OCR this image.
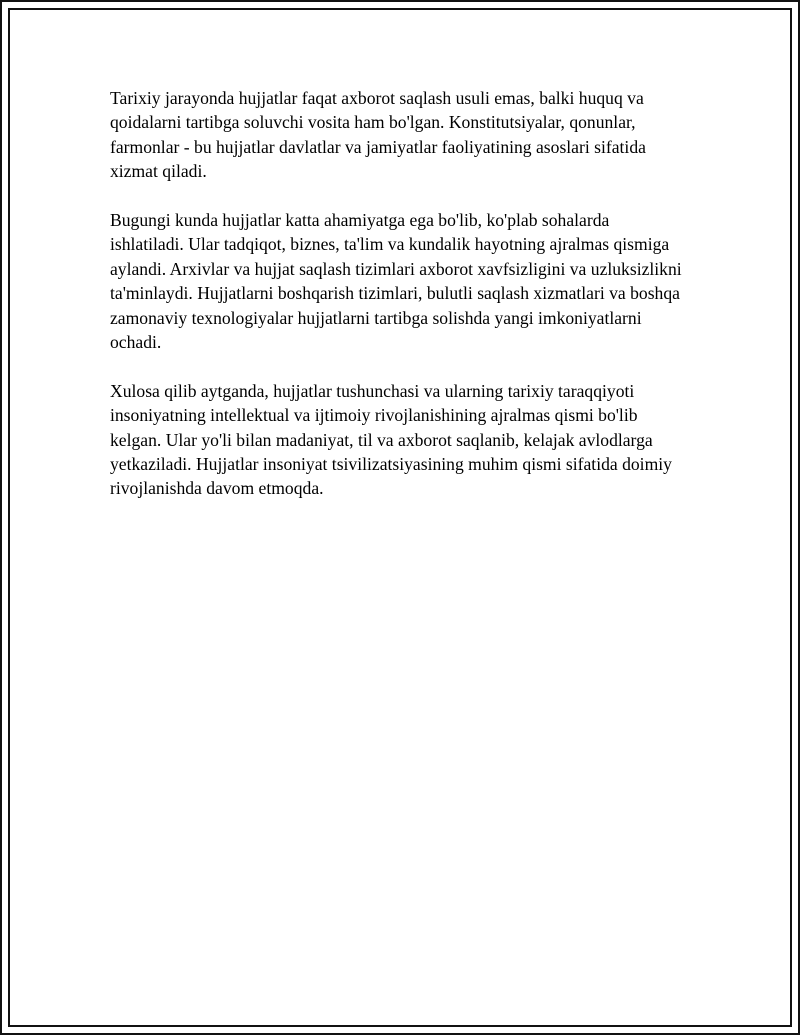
Tarixiy jarayonda hujjatlar faqat axborot saqlash usuli emas, balki huquq va qoidalarni tartibga soluvchi vosita ham bo'lgan. Konstitutsiyalar, qonunlar, farmonlar - bu hujjatlar davlatlar va jamiyatlar faoliyatining asoslari sifatida xizmat qiladi.

Bugungi kunda hujjatlar katta ahamiyatga ega bo'lib, ko'plab sohalarda ishlatiladi. Ular tadqiqot, biznes, ta'lim va kundalik hayotning ajralmas qismiga aylandi. Arxivlar va hujjat saqlash tizimlari axborot xavfsizligini va uzluksizlikni ta'minlaydi. Hujjatlarni boshqarish tizimlari, bulutli saqlash xizmatlari va boshqa zamonaviy texnologiyalar hujjatlarni tartibga solishda yangi imkoniyatlarni ochadi.

Xulosa qilib aytganda, hujjatlar tushunchasi va ularning tarixiy taraqqiyoti insoniyatning intellektual va ijtimoiy rivojlanishining ajralmas qismi bo'lib kelgan. Ular yo'li bilan madaniyat, til va axborot saqlanib, kelajak avlodlarga yetkaziladi. Hujjatlar insoniyat tsivilizatsiyasining muhim qismi sifatida doimiy rivojlanishda davom etmoqda.
